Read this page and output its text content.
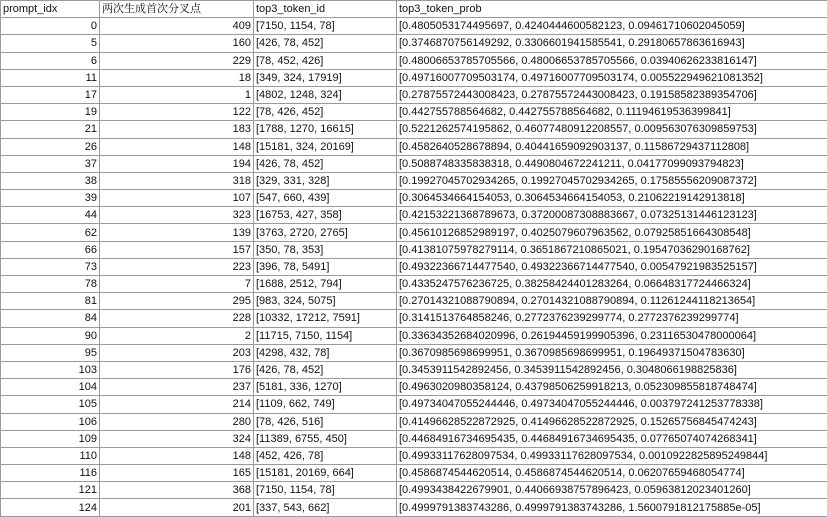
prompt_idx	两次生成首次分叉点	top3_token_id	top3_token_prob
0	409	[7150, 1154, 78]	[0.4805053174495697, 0.4240444600582123, 0.09461710602045059]
5	160	[426, 78, 452]	[0.3746870756149292, 0.3306601941585541, 0.29180657863616943]
6	229	[78, 452, 426]	[0.48006653785705566, 0.48006653785705566, 0.03940626233816147]
11	18	[349, 324, 17919]	[0.49716007709503174, 0.49716007709503174, 0.005522949621081352]
17	1	[4802, 1248, 324]	[0.27875572443008423, 0.27875572443008423, 0.19158582389354706]
19	122	[78, 426, 452]	[0.442755788564682, 0.442755788564682, 0.11194619536399841]
21	183	[1788, 1270, 16615]	[0.5221262574195862, 0.46077480912208557, 0.009563076309859753]
26	148	[15181, 324, 20169]	[0.4582640528678894, 0.40441659092903137, 0.11586729437112808]
37	194	[426, 78, 452]	[0.5088748335838318, 0.4490804672241211, 0.04177099093794823]
38	318	[329, 331, 328]	[0.19927045702934265, 0.19927045702934265, 0.17585556209087372]
39	107	[547, 660, 439]	[0.3064534664154053, 0.3064534664154053, 0.21062219142913818]
44	323	[16753, 427, 358]	[0.42153221368789673, 0.37200087308883667, 0.07325131446123123]
62	139	[3763, 2720, 2765]	[0.45610126852989197, 0.4025079607963562, 0.07925851664308548]
66	157	[350, 78, 353]	[0.41381075978279114, 0.3651867210865021, 0.19547036290168762]
73	223	[396, 78, 5491]	[0.49322366714477540, 0.49322366714477540, 0.00547921983525157]
78	7	[1688, 2512, 794]	[0.4335247576236725, 0.38258424401283264, 0.06648317724466324]
81	295	[983, 324, 5075]	[0.27014321088790894, 0.27014321088790894, 0.11261244118213654]
84	228	[10332, 17212, 7591]	[0.3141513764858246, 0.2772376239299774, 0.2772376239299774]
90	2	[11715, 7150, 1154]	[0.33634352684020996, 0.26194459199905396, 0.23116530478000064]
95	203	[4298, 432, 78]	[0.3670985698699951, 0.3670985698699951, 0.19649371504783630]
103	176	[426, 78, 452]	[0.3453911542892456, 0.3453911542892456, 0.3048066198825836]
104	237	[5181, 336, 1270]	[0.4963020980358124, 0.43798506259918213, 0.052309855818748474]
105	214	[1109, 662, 749]	[0.49734047055244446, 0.49734047055244446, 0.003797241253778338]
106	280	[78, 426, 516]	[0.41496628522872925, 0.41496628522872925, 0.15265756845474243]
109	324	[11389, 6755, 450]	[0.44684916734695435, 0.44684916734695435, 0.07765074074268341]
110	148	[452, 426, 78]	[0.49933117628097534, 0.49933117628097534, 0.0010922825895249844]
116	165	[15181, 20169, 664]	[0.4586874544620514, 0.4586874544620514, 0.06207659468054774]
121	368	[7150, 1154, 78]	[0.4993438422679901, 0.44066938757896423, 0.05963812023401260]
124	201	[337, 543, 662]	[0.4999791383743286, 0.4999791383743286, 1.5600791812175885e-05]
